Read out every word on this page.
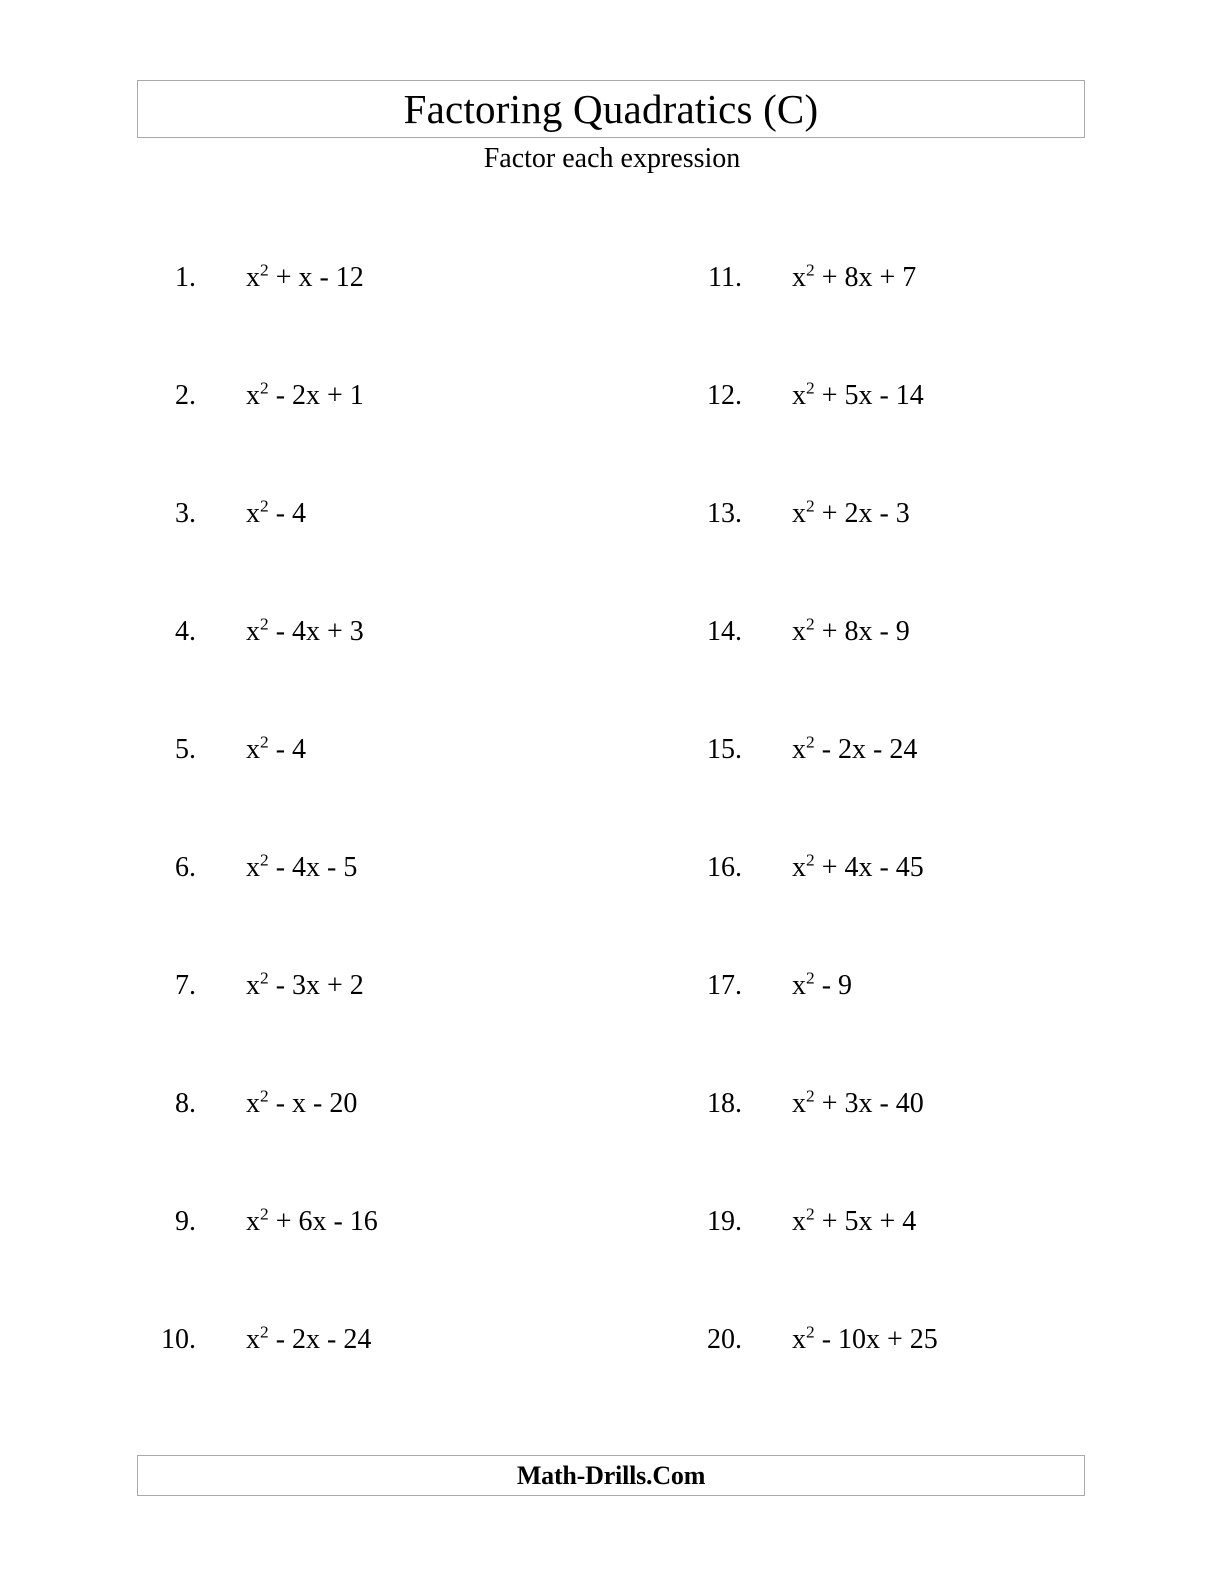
Factoring Quadratics (C)
Factor each expression
1. $x^2 + x - 12$
2. $x^2 - 2x + 1$
3. $x^2 - 4$
4. $x^2 - 4x + 3$
5. $x^2 - 4$
6. $x^2 - 4x - 5$
7. $x^2 - 3x + 2$
8. $x^2$ - x - 20
9. $x^2 + 6x - 16$
10. $x^2 - 2x - 24$
11. $x^2 + 8x + 7$
12. $x^2 + 5x - 14$
13. $x^2 + 2x - 3$
14. $x^2 + 8x - 9$
15. $x^2 - 2x - 24$
16. $x^2 + 4x - 45$
17. $x^2 - 9$
18. $x^2 + 3x - 40$
19. $x^2 + 5x + 4$
20. $x^2 - 10x + 25$
Math-Drills.Com
